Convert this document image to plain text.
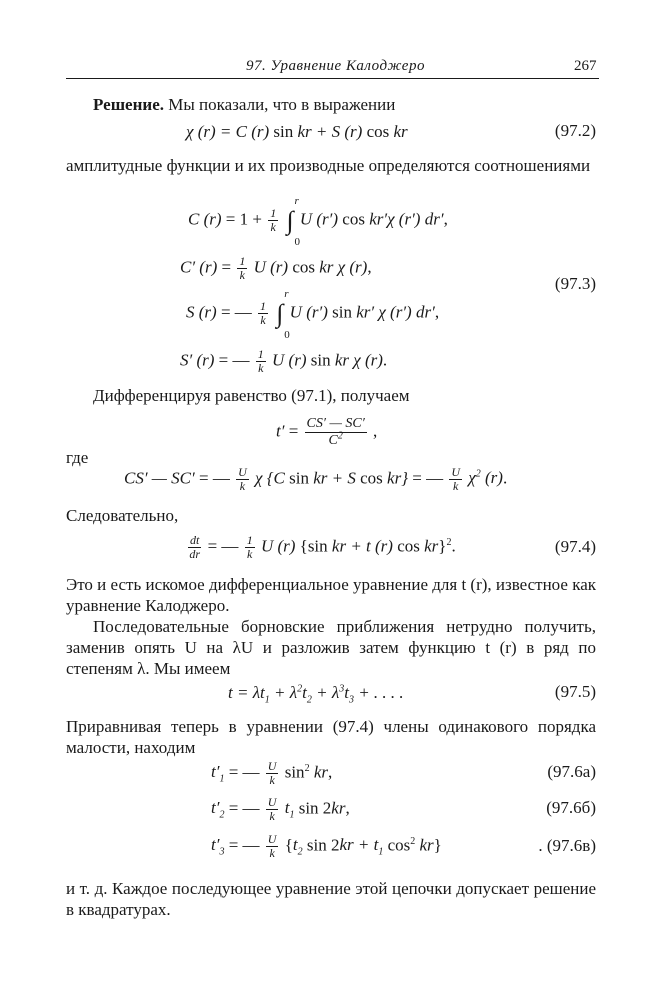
97. Уравнение Калоджеро	267
Решение. Мы показали, что в выражении
χ (r) = C (r) sin kr + S (r) cos kr	(97.2)
амплитудные функции и их производные определяются соотношениями
C $(r) = 1 + \frac{1}{k}$ ∫
r
0
U (r′) cos kr′χ (r′) dr′,
C′ $(r) = \frac{1}{k}$ U (r) cos kr χ (r),
(97.3)
S (r) = — $\frac{1}{k}$ ∫
r
0
U (r′) sin kr′ χ (r′) dr′,
S′ (r) = — $\frac{1}{k}$ U (r) sin kr χ (r).
Дифференцируя равенство (97.1), получаем
$t' = \frac{CS' — SC'}{C^2}$ ,
где
CS′ — SC′ = — $\frac{U}{k}$ χ {C sin kr + S cos kr} = — $\frac{U}{k} \chi^2$ (r).
Следовательно,
$\frac{dt}{dr}$ = — $\frac{1}{k}$ U (r) {sin kr + t (r) cos kr}$^2$.	(97.4)
Это и есть искомое дифференциальное уравнение для t (r), известное как уравнение Калоджеро.
Последовательные борновские приближения нетрудно получить, заменив опять U на λU и разложив затем функцию t (r) в ряд по степеням λ. Мы имеем
$t = \lambda t_1 + \lambda^2t_2 + \lambda^3t_3$ + . . . .	(97.5)
Приравнивая теперь в уравнении (97.4) члены одинакового порядка малости, находим
$t'_1$ = — $\frac{U}{k} \sin^2$ kr,	(97.6а)
$t'_2$ = — $\frac{U}{k} t_1$ sin 2kr,	(97.6б)
$t'_3$ = — $\frac{U}{k} \{t_2$ $\sin 2kr + t_1$ $\cos^2 kr$}	. (97.6в)
и т. д. Каждое последующее уравнение этой цепочки допускает решение в квадратурах.
